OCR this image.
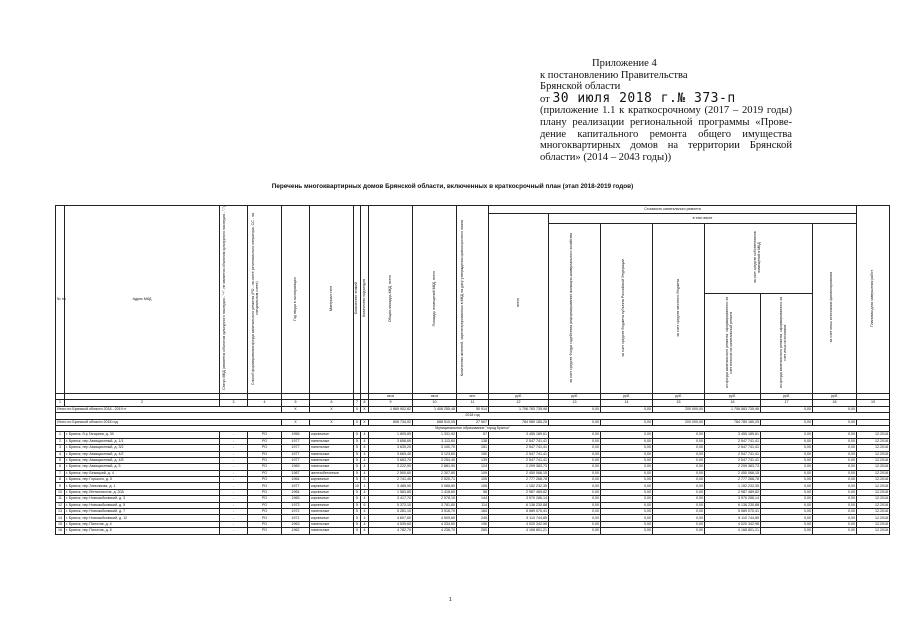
Приложение 4
к постановлению Правительства
Брянской области
от 30 июля 2018 г.№ 373-п
(приложение 1.1 к краткосрочному (2017 – 2019 годы) плану реализации региональной программы «Прове-дение капитального ремонта общего имущества многоквартирных домов на территории Брянской области» (2014 – 2043 годы))
Перечень многоквартирных домов Брянской области, включенных в краткосрочный план (этап 2018-2019 годов)
№ пп	Адрес МКД	Статус МКД (является объектом культурного наследия - "+", не является объектом культурного наследия - "-")	Способ формирования фонда капитального ремонта (РО - на счете регионального оператора, СС - на специальном счете)	Год ввода в эксплуатацию	Материал стен	Количество этажей	Количество подъездов	Общая площадь МКД, всего	Площадь помещений МКД, всего	Количество жителей, зарегистрированных в МКД на дату утверждения краткосрочного плана	Стоимость капитального ремонта							Плановая дата завершения работ
											всего	в том числе						
												за счет средств Фонда содействия реформированию жилищно-коммунального хозяйства	за счет средств бюджета субъекта Российской Федерации	за счет средств местного бюджета	за счет средств собственников помещений в МКД		за счет иных источников финансирования	
															из фонда капитального ремонта, сформированного за счет взносов на капитальный ремонт	из фонда капитального ремонта, сформированного за счет иных источников		
								кв.м	кв.м	чел.	руб.	руб.	руб.	руб.	руб.	руб.	руб.	
1	2	3	4	5	6	7	8	9	10	11	12	13	14	15	16	17	18	19
Итого по Брянской области 2018 - 2019 гг				X	X	X	X	1 665 902,82	1 408 255,48	50 914	1 706 783 735,98	0,00	0,00	200 000,00	1 706 583 735,98	0,00	0,00	
2018 год																		
Итого по Брянской области 2018 год				X	X	X	X	808 734,92	688 510,05	27 907	784 989 185,25	0,00	0,00	200 000,00	784 789 185,25	0,00	0,00	
Муниципальное образование "город Брянск"																		
1	г. Брянск, б-р Гагарина, д. 30	-	РО	1956	кирпичные	5	4	1 805,85	1 331,92	57	3 455 189,61	0,00	0,00	0,00	3 455 189,61	0,00	0,00	12.2018
2	г. Брянск, пер Авиационный, д. 1/1	-	РО	1977	панельные	5	4	3 658,69	3 113,60	138	2 547 741,41	0,00	0,00	0,00	2 547 741,41	0,00	0,00	12.2018
3	г. Брянск, пер Авиационный, д. 3/2	-	РО	1977	панельные	5	4	3 639,20	3 100,70	151	2 547 741,41	0,00	0,00	0,00	2 547 741,41	0,00	0,00	12.2018
4	г. Брянск, пер Авиационный, д. 4/2	-	РО	1977	панельные	5	4	3 669,40	3 123,60	150	2 547 741,41	0,00	0,00	0,00	2 547 741,41	0,00	0,00	12.2018
5	г. Брянск, пер Авиационный, д. 4/5	-	РО	1977	панельные	5	4	3 663,70	3 254,40	139	2 547 741,41	0,00	0,00	0,00	2 547 741,41	0,00	0,00	12.2018
6	г. Брянск, пер Авиационный, д. 5	-	РО	1969	панельные	5	4	3 222,90	2 881,90	124	2 299 383,73	0,00	0,00	0,00	2 299 383,73	0,00	0,00	12.2018
7	г. Брянск, пер Бежицкий, д. 4	-	РО	1987	железобетонные	5	4	2 500,60	2 307,80	109	2 450 066,15	0,00	0,00	0,00	2 450 066,15	0,00	0,00	12.2018
8	г. Брянск, пер Горького, д. 5	-	РО	1964	кирпичные	5	3	2 741,40	2 525,71	105	2 777 268,78	0,00	0,00	0,00	2 777 268,78	0,00	0,00	12.2018
9	г. Брянск, пер Запольная, д. 1	-	РО	1977	кирпичные	10	1	3 485,90	3 088,80	105	1 152 232,35	0,00	0,00	0,00	1 152 232,35	0,00	0,00	12.2018
10	г. Брянск, пер Металлистов, д. 20А	-	РО	1964	кирпичные	5	4	1 583,85	1 418,60	58	2 987 489,82	0,00	0,00	0,00	2 987 489,82	0,00	0,00	12.2018
11	г. Брянск, пер Новозыбковский, д. 3	-	РО	1965	кирпичные	5	4	3 417,70	2 578,10	144	3 970 286,14	0,00	0,00	0,00	3 970 286,14	0,00	0,00	12.2018
12	г. Брянск, пер Новозыбковский, д. 5	-	РО	1973	кирпичные	5	6	5 372,10	3 781,80	114	6 136 230,88	0,00	0,00	0,00	6 136 230,88	0,00	0,00	12.2018
13	г. Брянск, пер Новозыбковский, д. 7	-	РО	1972	панельные	5	4	5 281,10	3 516,70	184	5 589 070,41	0,00	0,00	0,00	5 589 070,41	0,00	0,00	12.2018
14	г. Брянск, пер Новозыбковский, д. 12	-	РО	1971	кирпичные	5	4	4 607,60	4 509,60	245	5 110 744,85	0,00	0,00	0,00	5 110 744,85	0,00	0,00	12.2018
15	г. Брянск, пер Пилотов, д. 4	-	РО	1963	панельные	5	4	4 539,60	4 334,60	196	4 020 342,96	0,00	0,00	0,00	4 020 342,96	0,00	0,00	12.2018
16	г. Брянск, пер Пилотов, д. 8	-	РО	1962	панельные	5	4	4 782,70	4 236,70	265	4 168 801,21	0,00	0,00	0,00	4 168 801,21	0,00	0,00	12.2018
1
